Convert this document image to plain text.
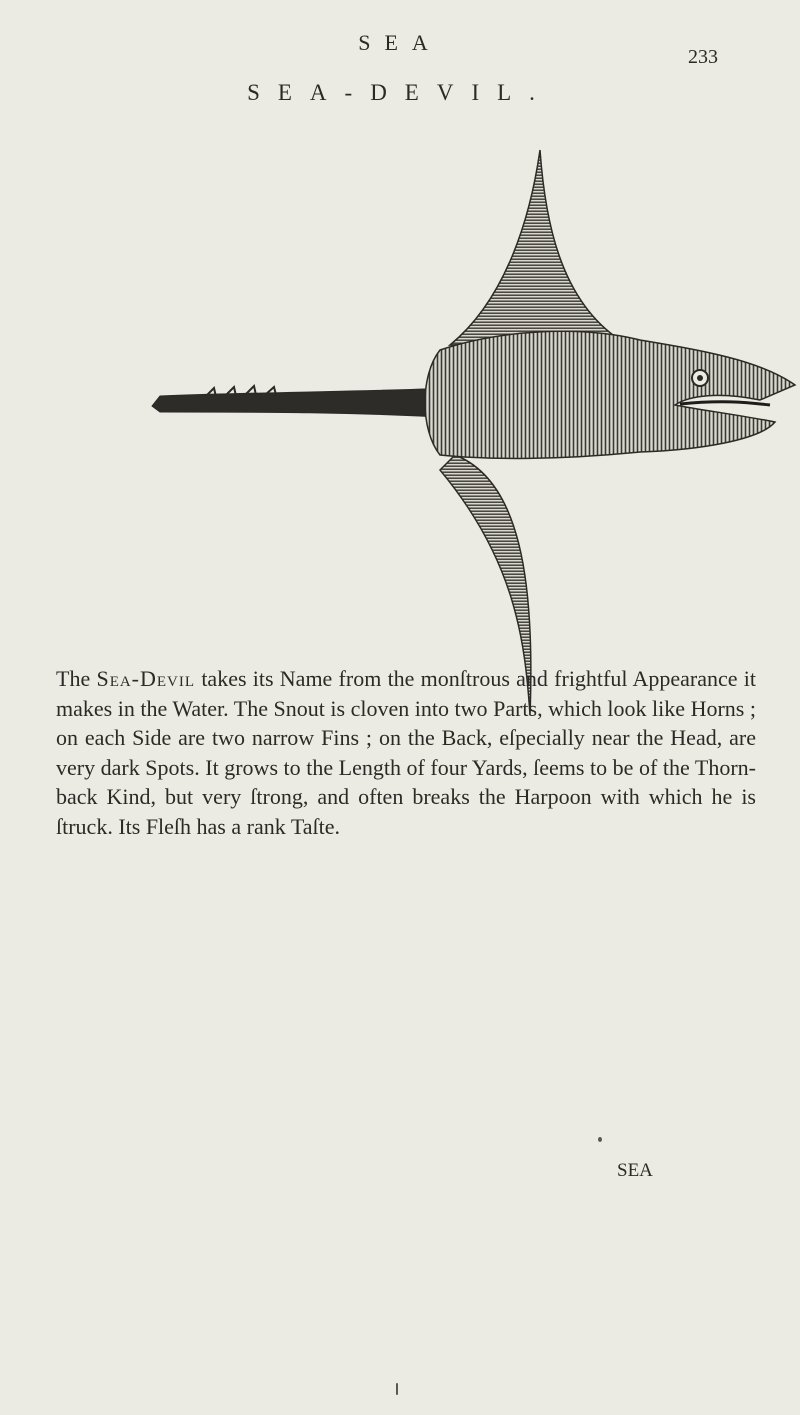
SEA
233
SEA-DEVIL.

The Sea-Devil takes its Name from the monſtrous and frightful Appearance it makes in the Water. The Snout is cloven into two Parts, which look like Horns ; on each Side are two narrow Fins ; on the Back, eſpecially near the Head, are very dark Spots. It grows to the Length of four Yards, ſeems to be of the Thorn-back Kind, but very ſtrong, and often breaks the Harpoon with which he is ſtruck. Its Fleſh has a rank Taſte.

SEA
